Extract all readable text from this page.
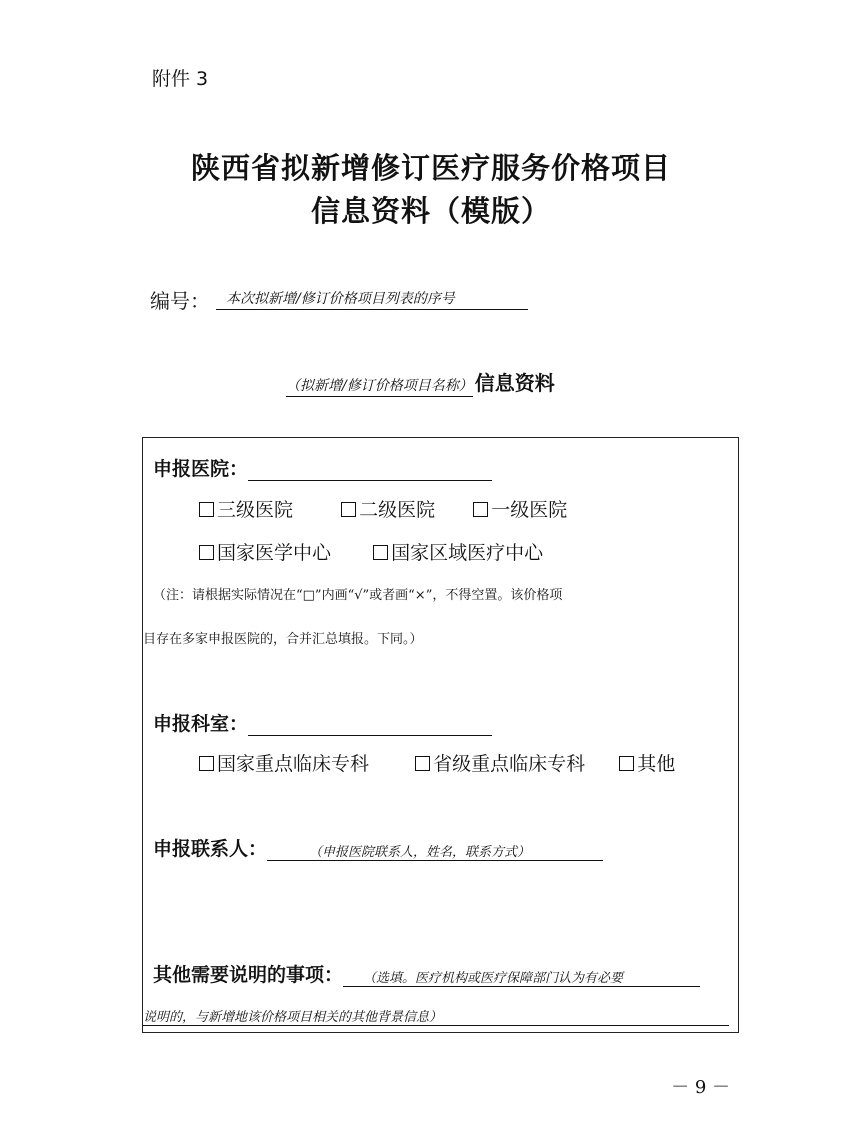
附件 3
陕西省拟新增修订医疗服务价格项目
信息资料（模版）
编号：	本次拟新增/修订价格项目列表的序号
（拟新增/修订价格项目名称） 信息资料
申报医院：
三级医院	二级医院	一级医院
国家医学中心	国家区域医疗中心
（注：请根据实际情况在“□”内画“√”或者画“×”，不得空置。该价格项
目存在多家申报医院的，合并汇总填报。下同。）
申报科室：
国家重点临床专科	省级重点临床专科	其他
申报联系人：	（申报医院联系人，姓名，联系方式）
其他需要说明的事项： （选填。医疗机构或医疗保障部门认为有必要
说明的，与新增地该价格项目相关的其他背景信息）
－ 9 －
